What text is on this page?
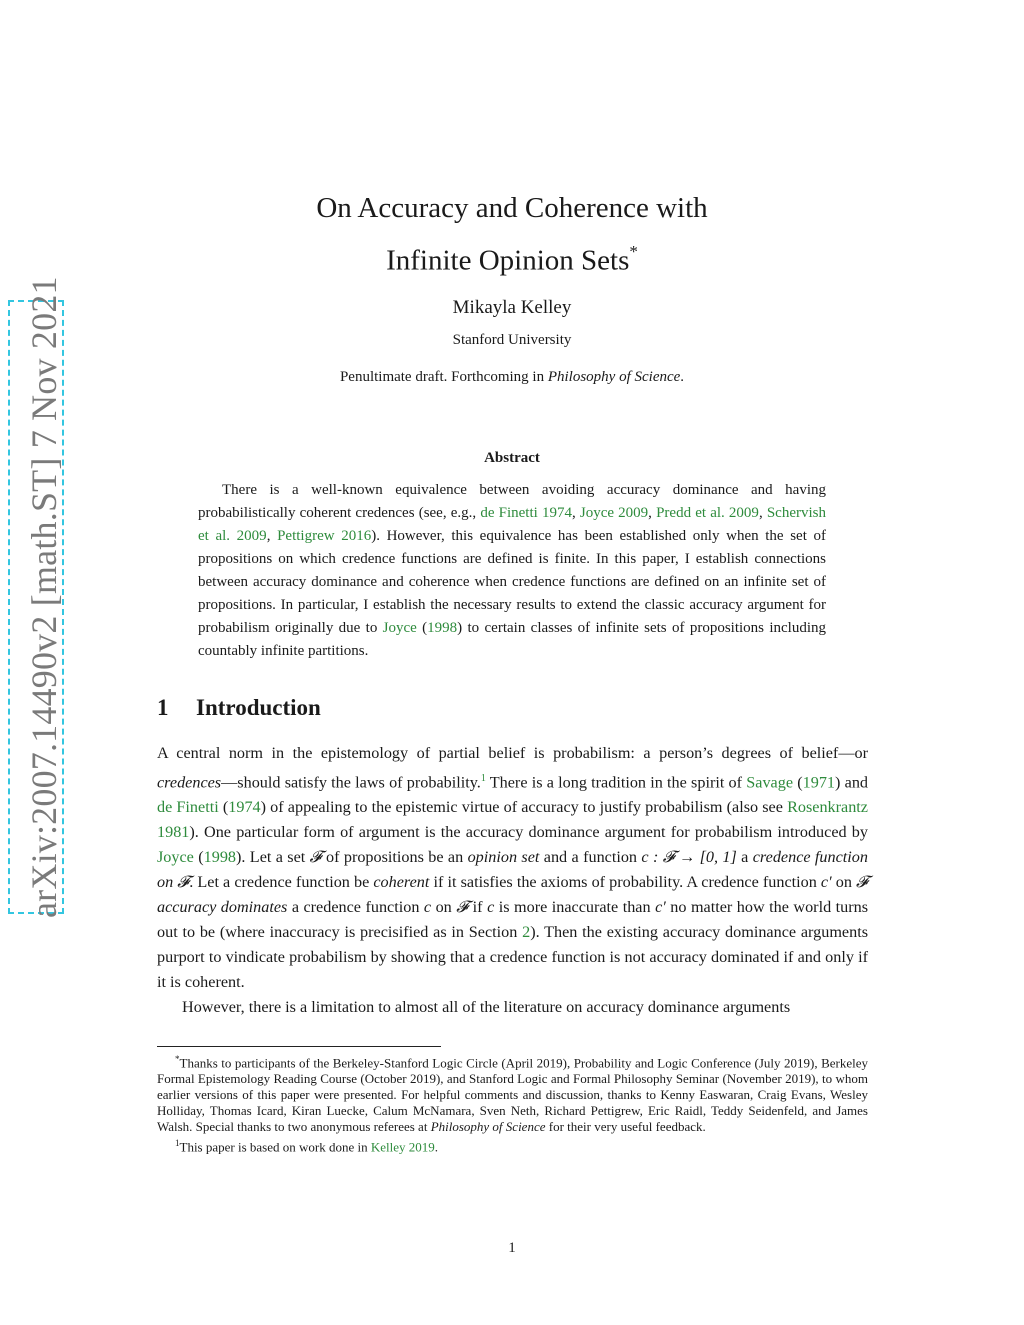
arXiv:2007.14490v2 [math.ST] 7 Nov 2021
On Accuracy and Coherence with
Infinite Opinion Sets*
Mikayla Kelley
Stanford University
Penultimate draft. Forthcoming in Philosophy of Science.
Abstract
There is a well-known equivalence between avoiding accuracy dominance and having probabilistically coherent credences (see, e.g., de Finetti 1974, Joyce 2009, Predd et al. 2009, Schervish et al. 2009, Pettigrew 2016). However, this equivalence has been established only when the set of propositions on which credence functions are defined is finite. In this paper, I establish connections between accuracy dominance and coherence when credence functions are defined on an infinite set of propositions. In particular, I establish the necessary results to extend the classic accuracy argument for probabilism originally due to Joyce (1998) to certain classes of infinite sets of propositions including countably infinite partitions.
1 Introduction

A central norm in the epistemology of partial belief is probabilism: a person’s degrees of belief—or credences—should satisfy the laws of probability.$^1$ There is a long tradition in the spirit of Savage (1971) and de Finetti (1974) of appealing to the epistemic virtue of accuracy to justify probabilism (also see Rosenkrantz 1981). One particular form of argument is the accuracy dominance argument for probabilism introduced by Joyce (1998). Let a set 𝓕 of propositions be an opinion set and a function c : 𝓕 → [0, 1] a credence function on 𝓕. Let a credence function be coherent if it satisfies the axioms of probability. A credence function c′ on 𝓕 accuracy dominates a credence function c on 𝓕 if c is more inaccurate than c′ no matter how the world turns out to be (where inaccuracy is precisified as in Section 2). Then the existing accuracy dominance arguments purport to vindicate probabilism by showing that a credence function is not accuracy dominated if and only if it is coherent.

However, there is a limitation to almost all of the literature on accuracy dominance arguments

*Thanks to participants of the Berkeley-Stanford Logic Circle (April 2019), Probability and Logic Conference (July 2019), Berkeley Formal Epistemology Reading Course (October 2019), and Stanford Logic and Formal Philosophy Seminar (November 2019), to whom earlier versions of this paper were presented. For helpful comments and discussion, thanks to Kenny Easwaran, Craig Evans, Wesley Holliday, Thomas Icard, Kiran Luecke, Calum McNamara, Sven Neth, Richard Pettigrew, Eric Raidl, Teddy Seidenfeld, and James Walsh. Special thanks to two anonymous referees at Philosophy of Science for their very useful feedback.

$^1$This paper is based on work done in Kelley 2019.

1
